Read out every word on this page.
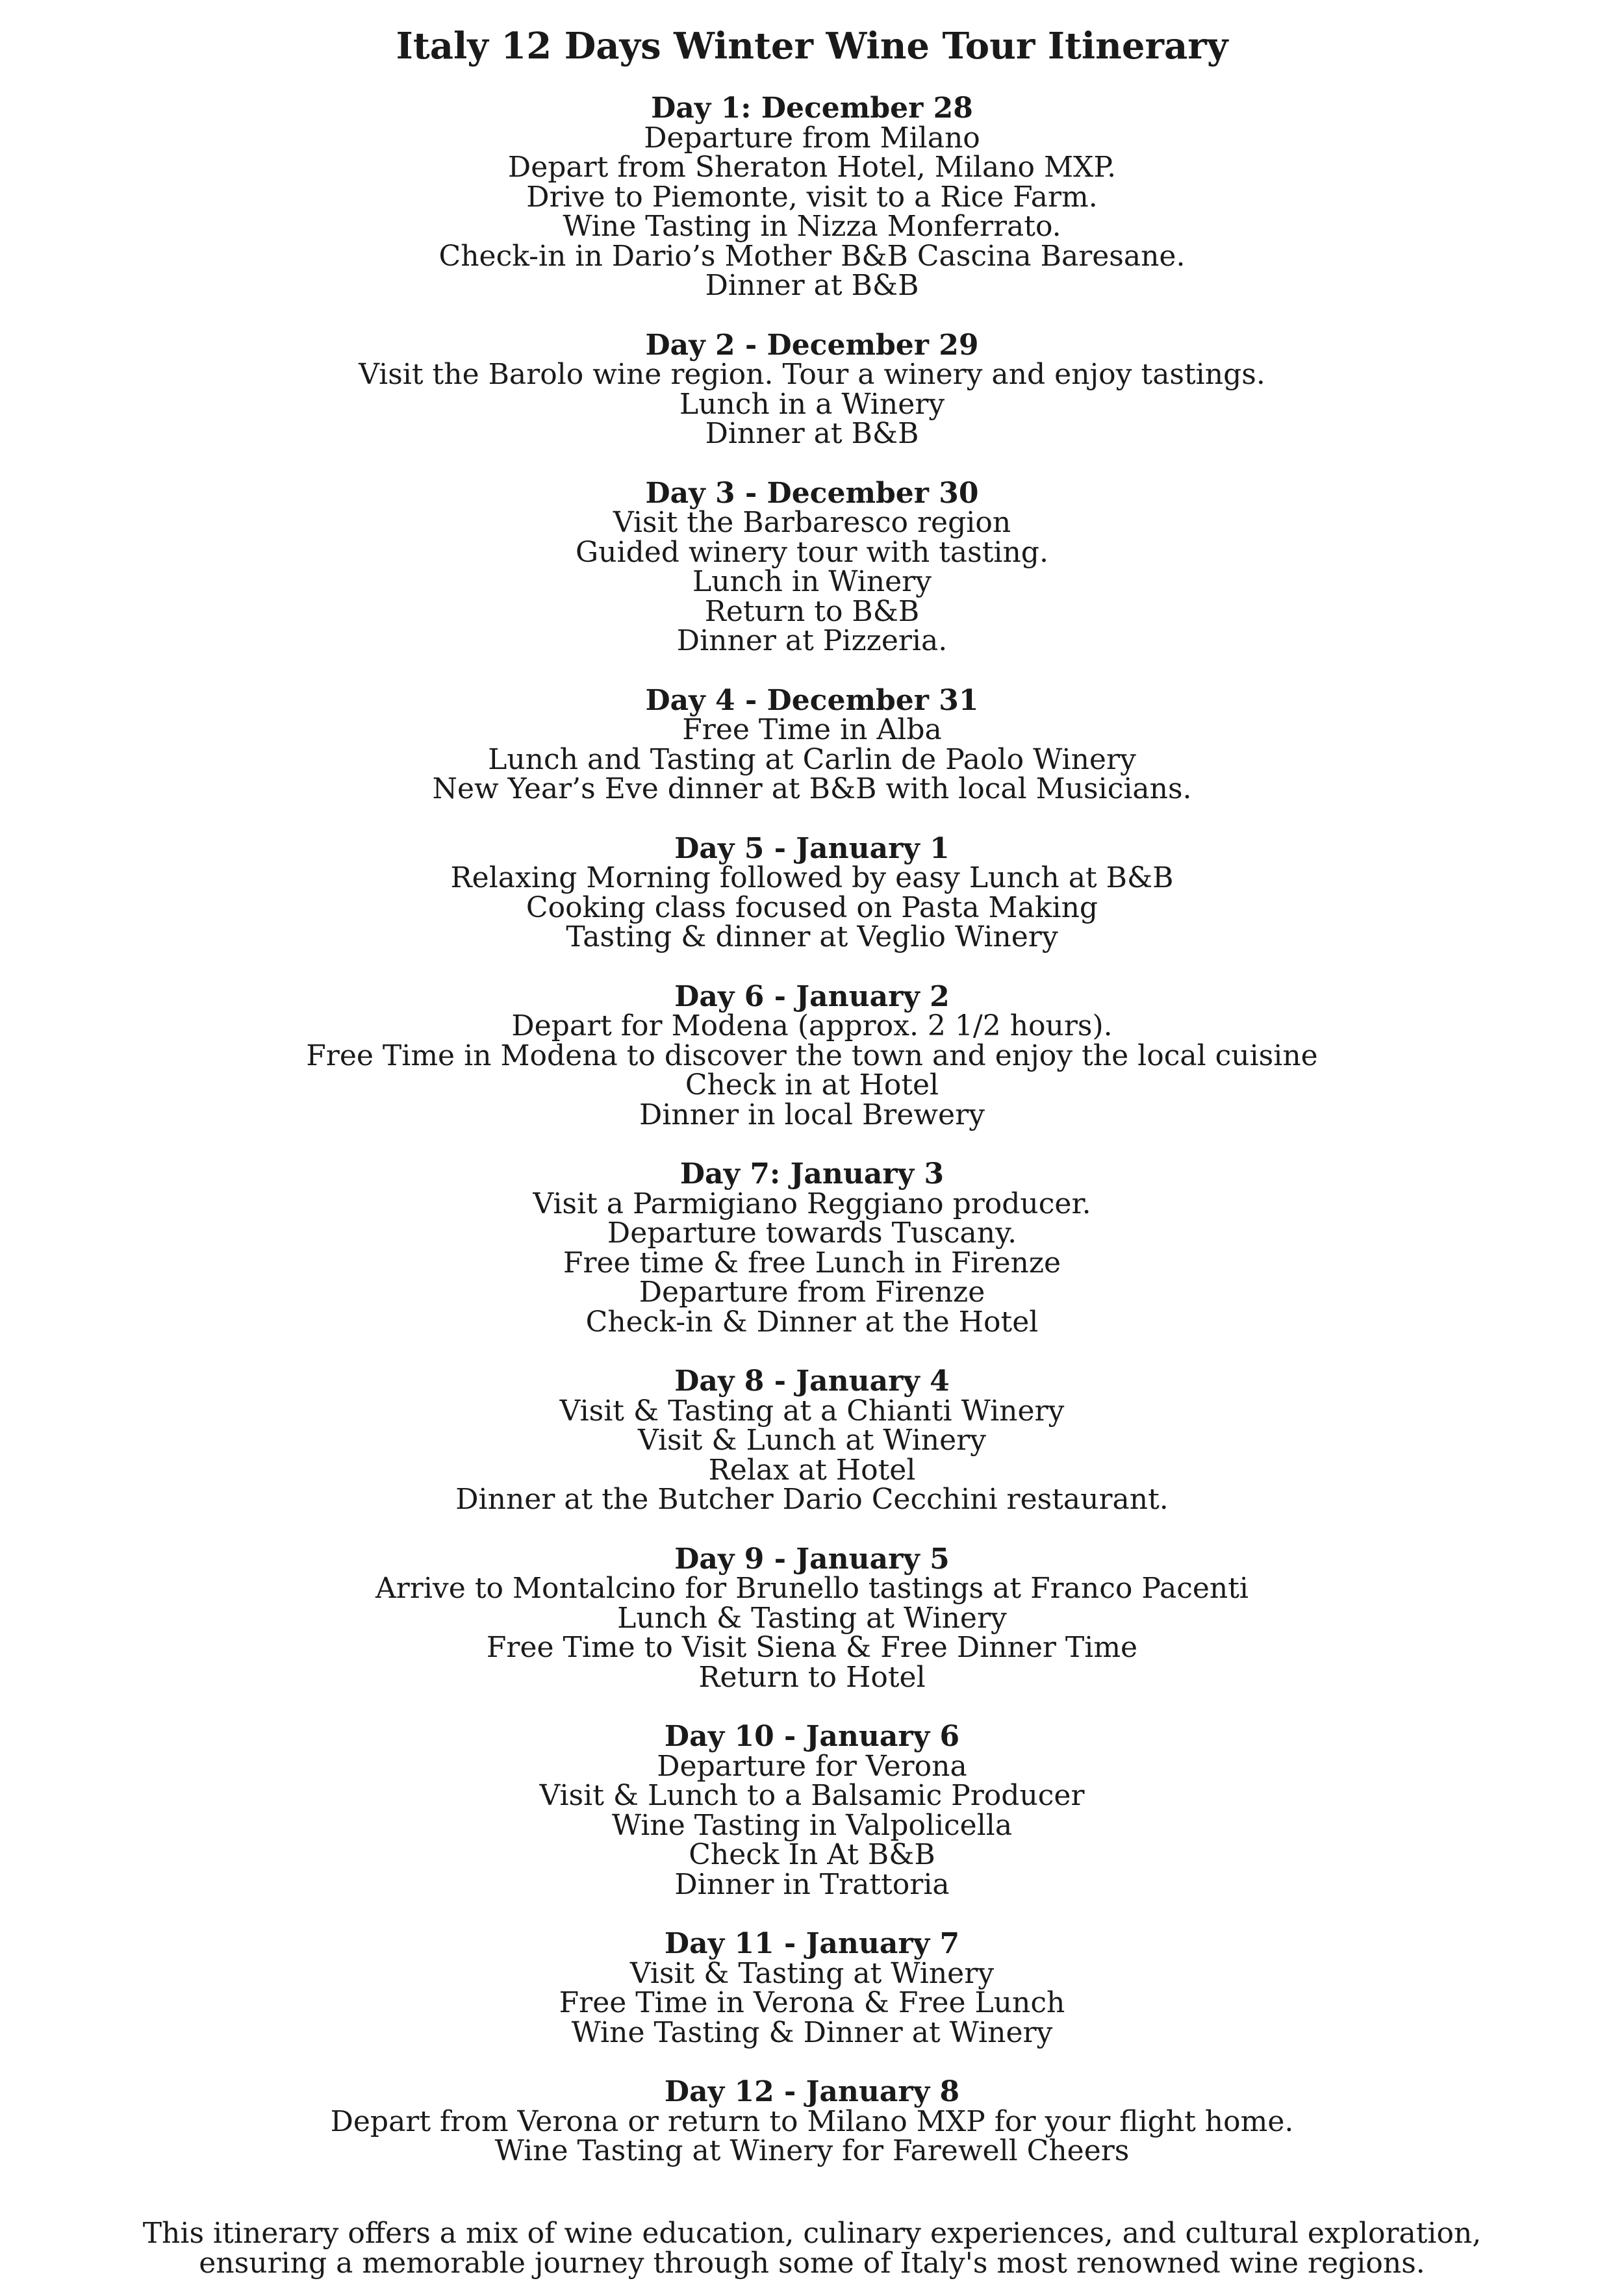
Italy 12 Days Winter Wine Tour Itinerary

Day 1: December 28

Departure from Milano

Depart from Sheraton Hotel, Milano MXP.

Drive to Piemonte, visit to a Rice Farm.

Wine Tasting in Nizza Monferrato.

Check-in in Dario’s Mother B&B Cascina Baresane.

Dinner at B&B

Day 2 - December 29

Visit the Barolo wine region. Tour a winery and enjoy tastings.

Lunch in a Winery

Dinner at B&B

Day 3 - December 30

Visit the Barbaresco region

Guided winery tour with tasting.

Lunch in Winery

Return to B&B

Dinner at Pizzeria.

Day 4 - December 31

Free Time in Alba

Lunch and Tasting at Carlin de Paolo Winery

New Year’s Eve dinner at B&B with local Musicians.

Day 5 - January 1

Relaxing Morning followed by easy Lunch at B&B

Cooking class focused on Pasta Making

Tasting & dinner at Veglio Winery

Day 6 - January 2

Depart for Modena (approx. 2 1/2 hours).

Free Time in Modena to discover the town and enjoy the local cuisine

Check in at Hotel

Dinner in local Brewery

Day 7: January 3

Visit a Parmigiano Reggiano producer.

Departure towards Tuscany.

Free time & free Lunch in Firenze

Departure from Firenze

Check-in & Dinner at the Hotel

Day 8 - January 4

Visit & Tasting at a Chianti Winery

Visit & Lunch at Winery

Relax at Hotel

Dinner at the Butcher Dario Cecchini restaurant.

Day 9 - January 5

Arrive to Montalcino for Brunello tastings at Franco Pacenti

Lunch & Tasting at Winery

Free Time to Visit Siena & Free Dinner Time

Return to Hotel

Day 10 - January 6

Departure for Verona

Visit & Lunch to a Balsamic Producer

Wine Tasting in Valpolicella

Check In At B&B

Dinner in Trattoria

Day 11 - January 7

Visit & Tasting at Winery

Free Time in Verona & Free Lunch

Wine Tasting & Dinner at Winery

Day 12 - January 8

Depart from Verona or return to Milano MXP for your flight home.

Wine Tasting at Winery for Farewell Cheers

This itinerary offers a mix of wine education, culinary experiences, and cultural exploration,

ensuring a memorable journey through some of Italy's most renowned wine regions.
